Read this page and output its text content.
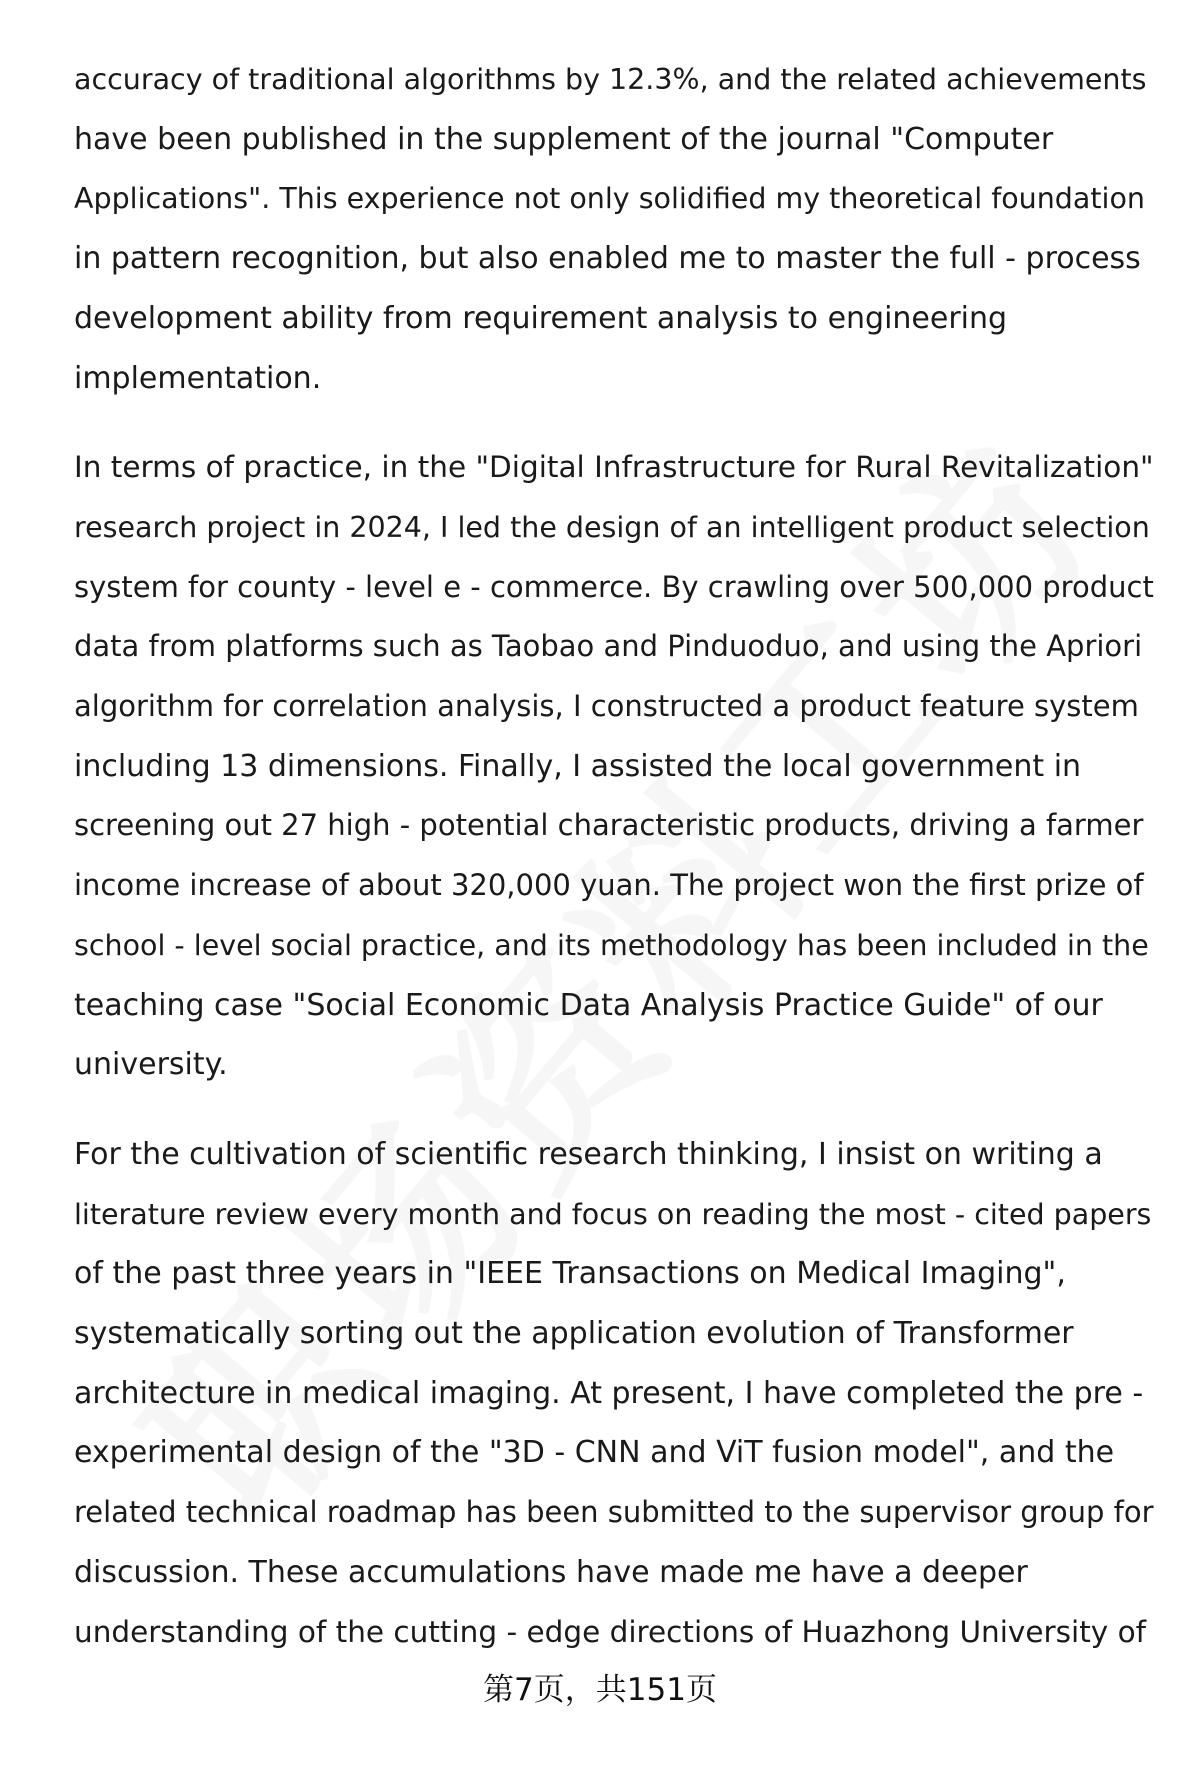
accuracy of traditional algorithms by 12.3%, and the related achievements
have been published in the supplement of the journal "Computer
Applications". This experience not only solidified my theoretical foundation
in pattern recognition, but also enabled me to master the full - process
development ability from requirement analysis to engineering
implementation.

In terms of practice, in the "Digital Infrastructure for Rural Revitalization"
research project in 2024, I led the design of an intelligent product selection
system for county - level e - commerce. By crawling over 500,000 product
data from platforms such as Taobao and Pinduoduo, and using the Apriori
algorithm for correlation analysis, I constructed a product feature system
including 13 dimensions. Finally, I assisted the local government in
screening out 27 high - potential characteristic products, driving a farmer
income increase of about 320,000 yuan. The project won the first prize of
school - level social practice, and its methodology has been included in the
teaching case "Social Economic Data Analysis Practice Guide" of our
university.

For the cultivation of scientific research thinking, I insist on writing a
literature review every month and focus on reading the most - cited papers
of the past three years in "IEEE Transactions on Medical Imaging",
systematically sorting out the application evolution of Transformer
architecture in medical imaging. At present, I have completed the pre -
experimental design of the "3D - CNN and ViT fusion model", and the
related technical roadmap has been submitted to the supervisor group for
discussion. These accumulations have made me have a deeper
understanding of the cutting - edge directions of Huazhong University of

第7页，共151页
